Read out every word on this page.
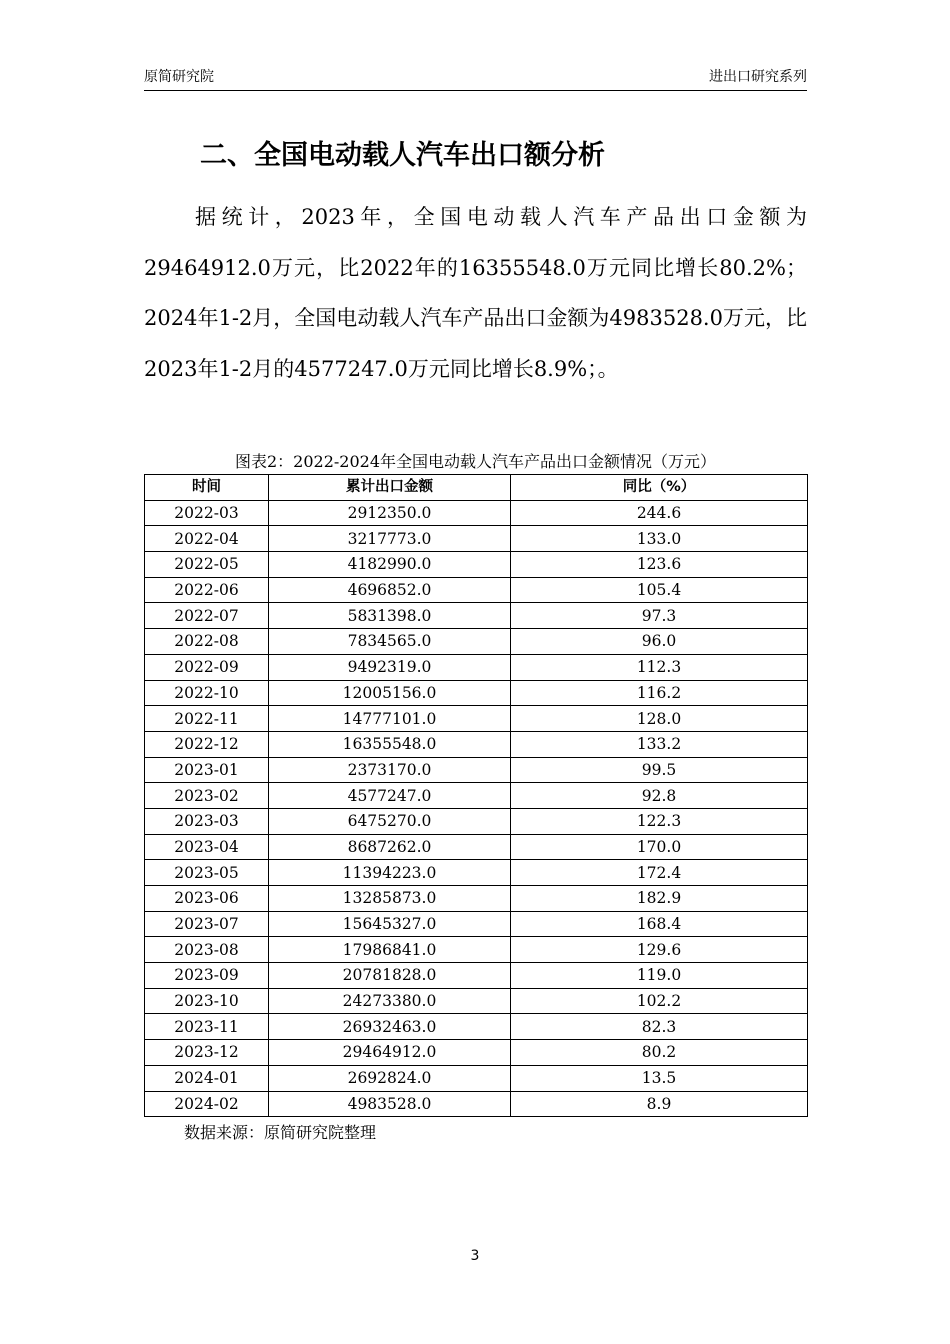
原简研究院	进出口研究系列
二、全国电动载人汽车出口额分析

据统计，2023年，全国电动载人汽车产品出口金额为29464912.0万元，比2022年的16355548.0万元同比增长80.2%；2024年1-2月，全国电动载人汽车产品出口金额为4983528.0万元，比2023年1-2月的4577247.0万元同比增长8.9%；。

图表2：2022-2024年全国电动载人汽车产品出口金额情况（万元）
时间	累计出口金额	同比（%）
2022-03	2912350.0	244.6
2022-04	3217773.0	133.0
2022-05	4182990.0	123.6
2022-06	4696852.0	105.4
2022-07	5831398.0	97.3
2022-08	7834565.0	96.0
2022-09	9492319.0	112.3
2022-10	12005156.0	116.2
2022-11	14777101.0	128.0
2022-12	16355548.0	133.2
2023-01	2373170.0	99.5
2023-02	4577247.0	92.8
2023-03	6475270.0	122.3
2023-04	8687262.0	170.0
2023-05	11394223.0	172.4
2023-06	13285873.0	182.9
2023-07	15645327.0	168.4
2023-08	17986841.0	129.6
2023-09	20781828.0	119.0
2023-10	24273380.0	102.2
2023-11	26932463.0	82.3
2023-12	29464912.0	80.2
2024-01	2692824.0	13.5
2024-02	4983528.0	8.9
数据来源：原简研究院整理
3
